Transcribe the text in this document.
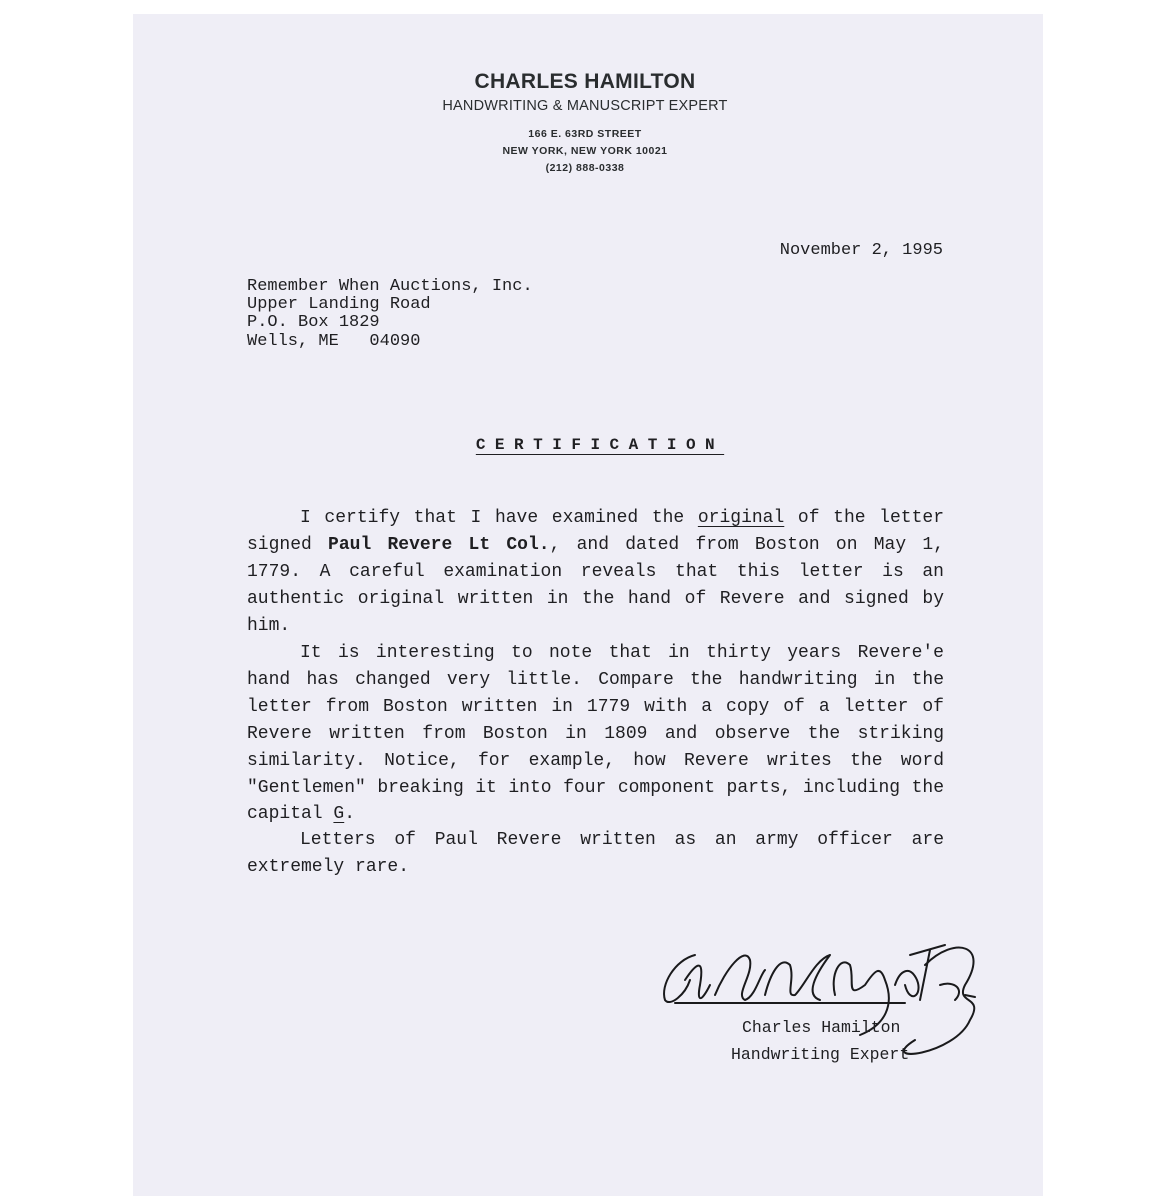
CHARLES HAMILTON
HANDWRITING & MANUSCRIPT EXPERT
166 E. 63RD STREET
NEW YORK, NEW YORK 10021
(212) 888-0338
November 2, 1995
Remember When Auctions, Inc.
Upper Landing Road
P.O. Box 1829
Wells, ME   04090
CERTIFICATION
I certify that I have examined the original of the letter signed Paul Revere Lt Col., and dated from Boston on May 1, 1779. A careful examination reveals that this letter is an authentic original written in the hand of Revere and signed by him.
It is interesting to note that in thirty years Revere'e hand has changed very little. Compare the handwriting in the letter from Boston written in 1779 with a copy of a letter of Revere written from Boston in 1809 and observe the striking similarity. Notice, for example, how Revere writes the word "Gentlemen" breaking it into four component parts, including the capital G.
Letters of Paul Revere written as an army officer are extremely rare.
Charles Hamilton
Handwriting Expert
